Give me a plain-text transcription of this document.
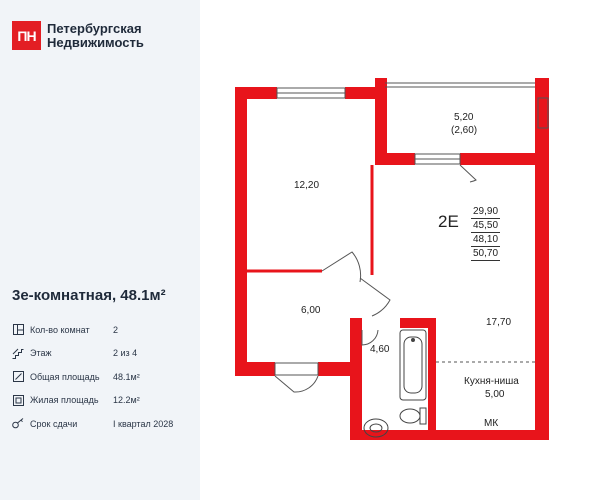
ПН Петербургская
Недвижимость
3е-комнатная, 48.1м²
Кол-во комнат	2
Этаж	2 из 4
Общая площадь	48.1м²
Жилая площадь	12.2м²
Срок сдачи	I квартал 2028
5,20
(2,60)
12,20
6,00
4,60
17,70
Кухня-ниша
5,00
МК
2Е
29,90
45,50
48,10
50,70
